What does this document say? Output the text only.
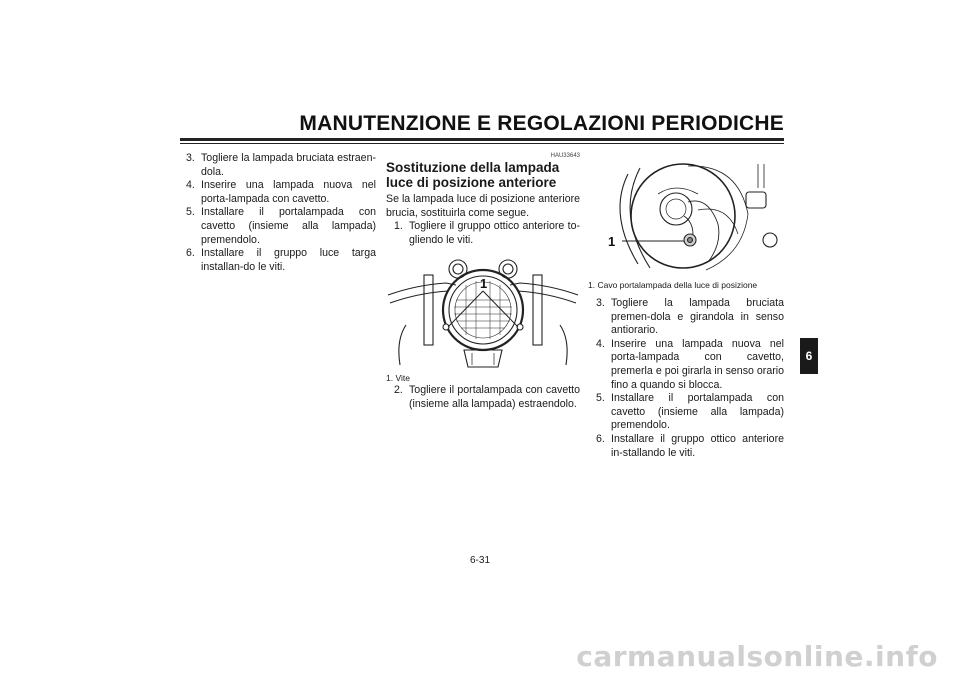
MANUTENZIONE E REGOLAZIONI PERIODICHE
3. Togliere la lampada bruciata estraen-dola.
4. Inserire una lampada nuova nel porta-lampada con cavetto.
5. Installare il portalampada con cavetto (insieme alla lampada) premendolo.
6. Installare il gruppo luce targa installan-do le viti.
HAU33643
Sostituzione della lampada luce di posizione anteriore
Se la lampada luce di posizione anteriore brucia, sostituirla come segue.
1. Togliere il gruppo ottico anteriore to-gliendo le viti.
1
1. Vite
2. Togliere il portalampada con cavetto (insieme alla lampada) estraendolo.
1
1. Cavo portalampada della luce di posizione
3. Togliere la lampada bruciata premen-dola e girandola in senso antiorario.
4. Inserire una lampada nuova nel porta-lampada con cavetto, premerla e poi girarla in senso orario fino a quando si blocca.
5. Installare il portalampada con cavetto (insieme alla lampada) premendolo.
6. Installare il gruppo ottico anteriore in-stallando le viti.
6
6-31
carmanualsonline.info
